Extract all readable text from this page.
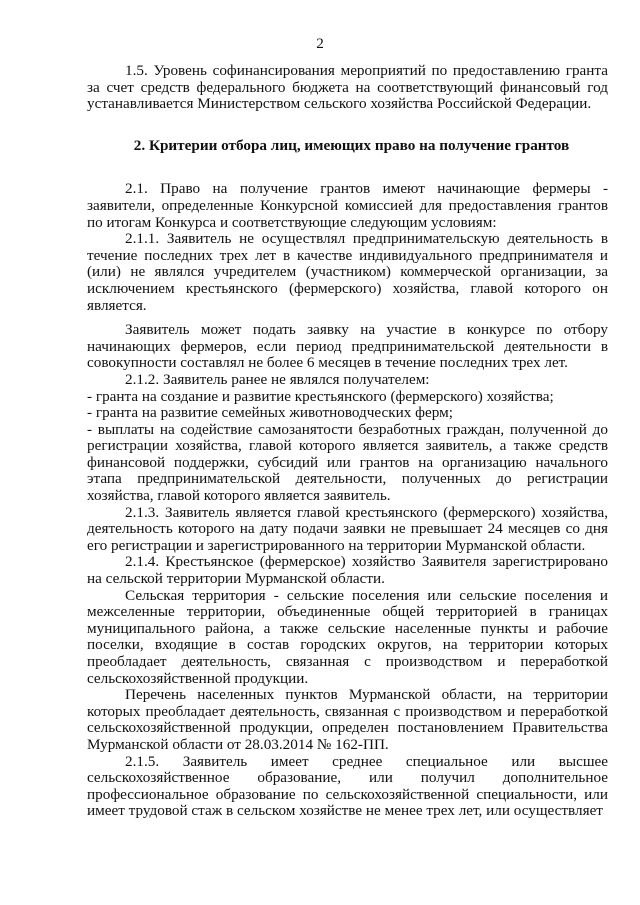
2

1.5. Уровень софинансирования мероприятий по предоставлению гранта за счет средств федерального бюджета на соответствующий финансовый год устанавливается Министерством сельского хозяйства Российской Федерации.

2. Критерии отбора лиц, имеющих право на получение грантов

2.1. Право на получение грантов имеют начинающие фермеры - заявители, определенные Конкурсной комиссией для предоставления грантов по итогам Конкурса и соответствующие следующим условиям:

2.1.1. Заявитель не осуществлял предпринимательскую деятельность в течение последних трех лет в качестве индивидуального предпринимателя и (или) не являлся учредителем (участником) коммерческой организации, за исключением крестьянского (фермерского) хозяйства, главой которого он является.

Заявитель может подать заявку на участие в конкурсе по отбору начинающих фермеров, если период предпринимательской деятельности в совокупности составлял не более 6 месяцев в течение последних трех лет.

2.1.2. Заявитель ранее не являлся получателем:

- гранта на создание и развитие крестьянского (фермерского) хозяйства;

- гранта на развитие семейных животноводческих ферм;

- выплаты на содействие самозанятости безработных граждан, полученной до регистрации хозяйства, главой которого является заявитель, а также средств финансовой поддержки, субсидий или грантов на организацию начального этапа предпринимательской деятельности, полученных до регистрации хозяйства, главой которого является заявитель.

2.1.3. Заявитель является главой крестьянского (фермерского) хозяйства, деятельность которого на дату подачи заявки не превышает 24 месяцев со дня его регистрации и зарегистрированного на территории Мурманской области.

2.1.4. Крестьянское (фермерское) хозяйство Заявителя зарегистрировано на сельской территории Мурманской области.

Сельская территория - сельские поселения или сельские поселения и межселенные территории, объединенные общей территорией в границах муниципального района, а также сельские населенные пункты и рабочие поселки, входящие в состав городских округов, на территории которых преобладает деятельность, связанная с производством и переработкой сельскохозяйственной продукции.

Перечень населенных пунктов Мурманской области, на территории которых преобладает деятельность, связанная с производством и переработкой сельскохозяйственной продукции, определен постановлением Правительства Мурманской области от 28.03.2014 № 162-ПП.

2.1.5. Заявитель имеет среднее специальное или высшее сельскохозяйственное образование, или получил дополнительное профессиональное образование по сельскохозяйственной специальности, или имеет трудовой стаж в сельском хозяйстве не менее трех лет, или осуществляет
